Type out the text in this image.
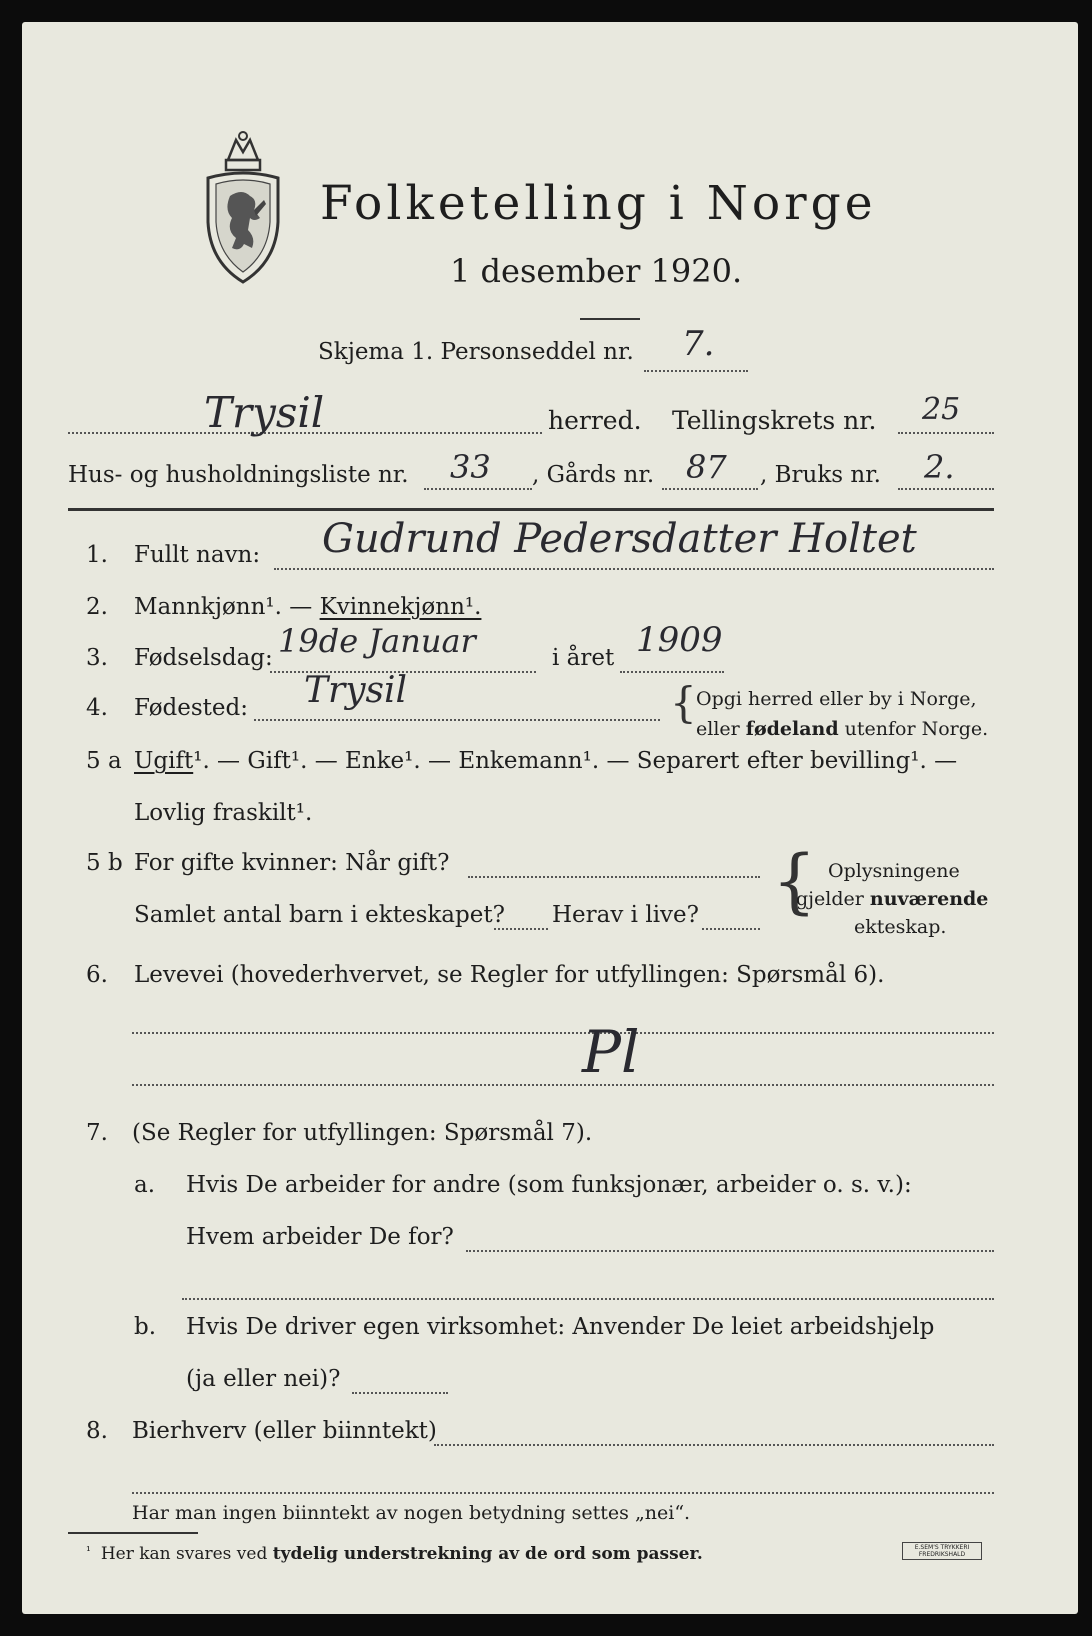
Folketelling i Norge
1 desember 1920.
Skjema 1. Personseddel nr. 7.
Trysil	herred. Tellingskrets nr. 25
Hus- og husholdningsliste nr. 33 , Gårds nr. 87 , Bruks nr. 2.
1. Fullt navn: Gudrund Pedersdatter Holtet
2. Mannkjønn¹. — Kvinnekjønn¹.
3. Fødselsdag: 19de Januar	i året 1909
4. Fødested: Trysil	{ Opgi herred eller by i Norge,
eller fødeland utenfor Norge.
5 a Ugift¹. — Gift¹. — Enke¹. — Enkemann¹. — Separert efter bevilling¹. —
Lovlig fraskilt¹.
5 b For gifte kvinner: Når gift?
Samlet antal barn i ekteskapet? Herav i live? { Oplysningene
gjelder nuværende
ekteskap.
6. Levevei (hovederhvervet, se Regler for utfyllingen: Spørsmål 6).
Pl
7. (Se Regler for utfyllingen: Spørsmål 7).
a. Hvis De arbeider for andre (som funksjonær, arbeider o. s. v.):
Hvem arbeider De for?
b. Hvis De driver egen virksomhet: Anvender De leiet arbeidshjelp
(ja eller nei)?
8. Bierhverv (eller biinntekt)
Har man ingen biinntekt av nogen betydning settes „nei“.
$^{^1}$ Her kan svares ved tydelig understrekning av de ord som passer.	E.SEM'S TRYKKERI
FREDRIKSHALD
